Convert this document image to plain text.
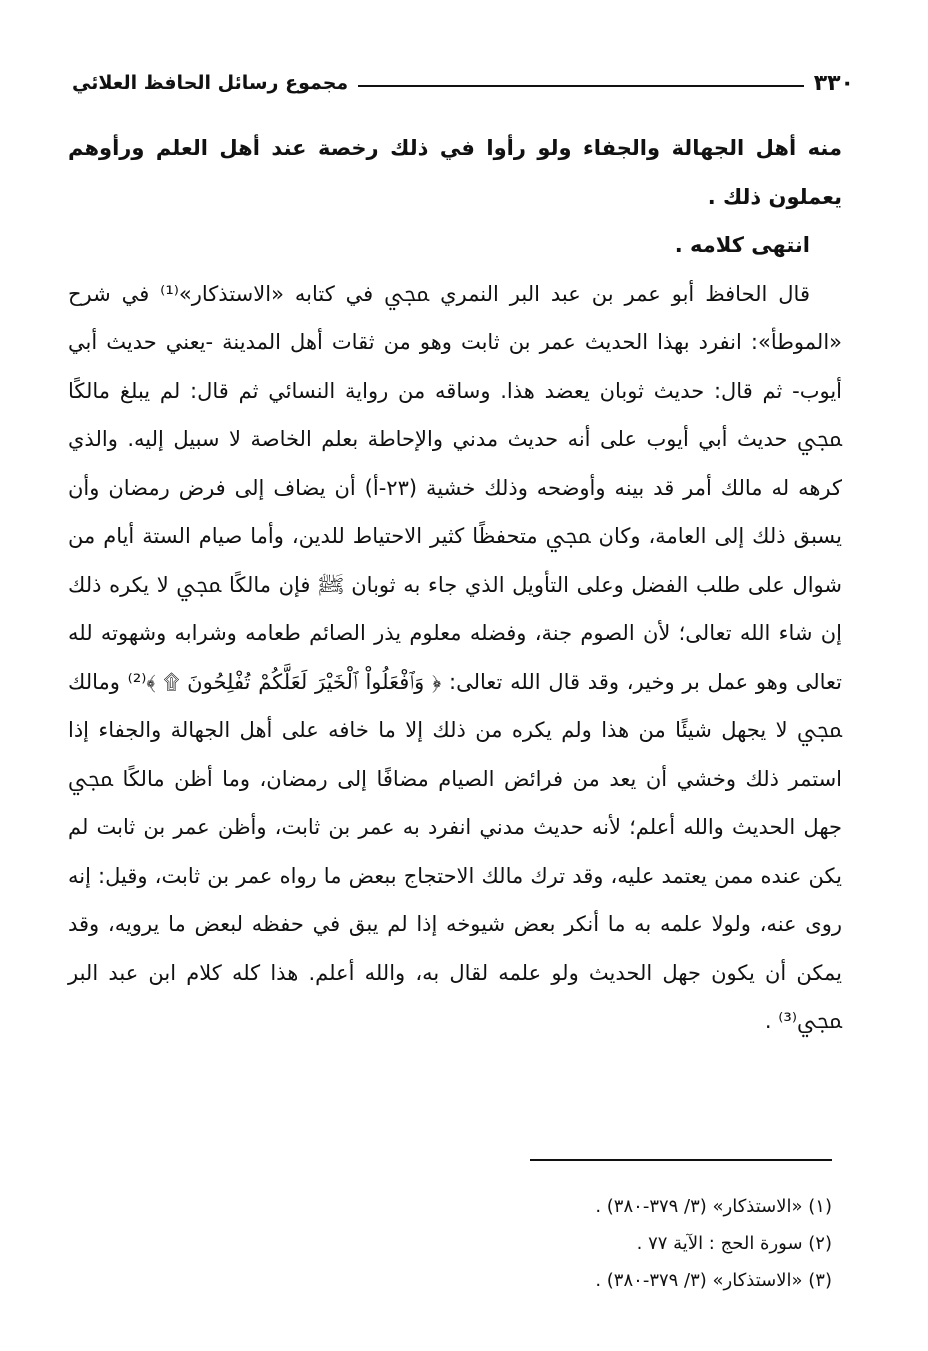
٣٣٠
مجموع رسائل الحافظ العلائي

منه أهل الجهالة والجفاء ولو رأوا في ذلك رخصة عند أهل العلم ورأوهم يعملون ذلك .

انتهى كلامه .

قال الحافظ أبو عمر بن عبد البر النمري ﷀ في كتابه «الاستذكار»⁽¹⁾ في شرح «الموطأ»: انفرد بهذا الحديث عمر بن ثابت وهو من ثقات أهل المدينة -يعني حديث أبي أيوب- ثم قال: حديث ثوبان يعضد هذا. وساقه من رواية النسائي ثم قال: لم يبلغ مالكًا ﷀ حديث أبي أيوب على أنه حديث مدني والإحاطة بعلم الخاصة لا سبيل إليه. والذي كرهه له مالك أمر قد بينه وأوضحه وذلك خشية (٢٣-أ) أن يضاف إلى فرض رمضان وأن يسبق ذلك إلى العامة، وكان ﷀ متحفظًا كثير الاحتياط للدين، وأما صيام الستة أيام من شوال على طلب الفضل وعلى التأويل الذي جاء به ثوبان ﷺ فإن مالكًا ﷀ لا يكره ذلك إن شاء الله تعالى؛ لأن الصوم جنة، وفضله معلوم يذر الصائم طعامه وشرابه وشهوته لله تعالى وهو عمل بر وخير، وقد قال الله تعالى: ﴿ وَٱفْعَلُواْ ٱلْخَيْرَ لَعَلَّكُمْ تُفْلِحُونَ ۩ ﴾⁽²⁾ ومالك ﷀ لا يجهل شيئًا من هذا ولم يكره من ذلك إلا ما خافه على أهل الجهالة والجفاء إذا استمر ذلك وخشي أن يعد من فرائض الصيام مضافًا إلى رمضان، وما أظن مالكًا ﷀ جهل الحديث والله أعلم؛ لأنه حديث مدني انفرد به عمر بن ثابت، وأظن عمر بن ثابت لم يكن عنده ممن يعتمد عليه، وقد ترك مالك الاحتجاج ببعض ما رواه عمر بن ثابت، وقيل: إنه روى عنه، ولولا علمه به ما أنكر بعض شيوخه إذا لم يبق في حفظه لبعض ما يرويه، وقد يمكن أن يكون جهل الحديث ولو علمه لقال به، والله أعلم. هذا كله كلام ابن عبد البر ﷀ⁽³⁾ .

(١) «الاستذكار» (٣/ ٣٧٩-٣٨٠) .
(٢) سورة الحج : الآية ٧٧ .
(٣) «الاستذكار» (٣/ ٣٧٩-٣٨٠) .
